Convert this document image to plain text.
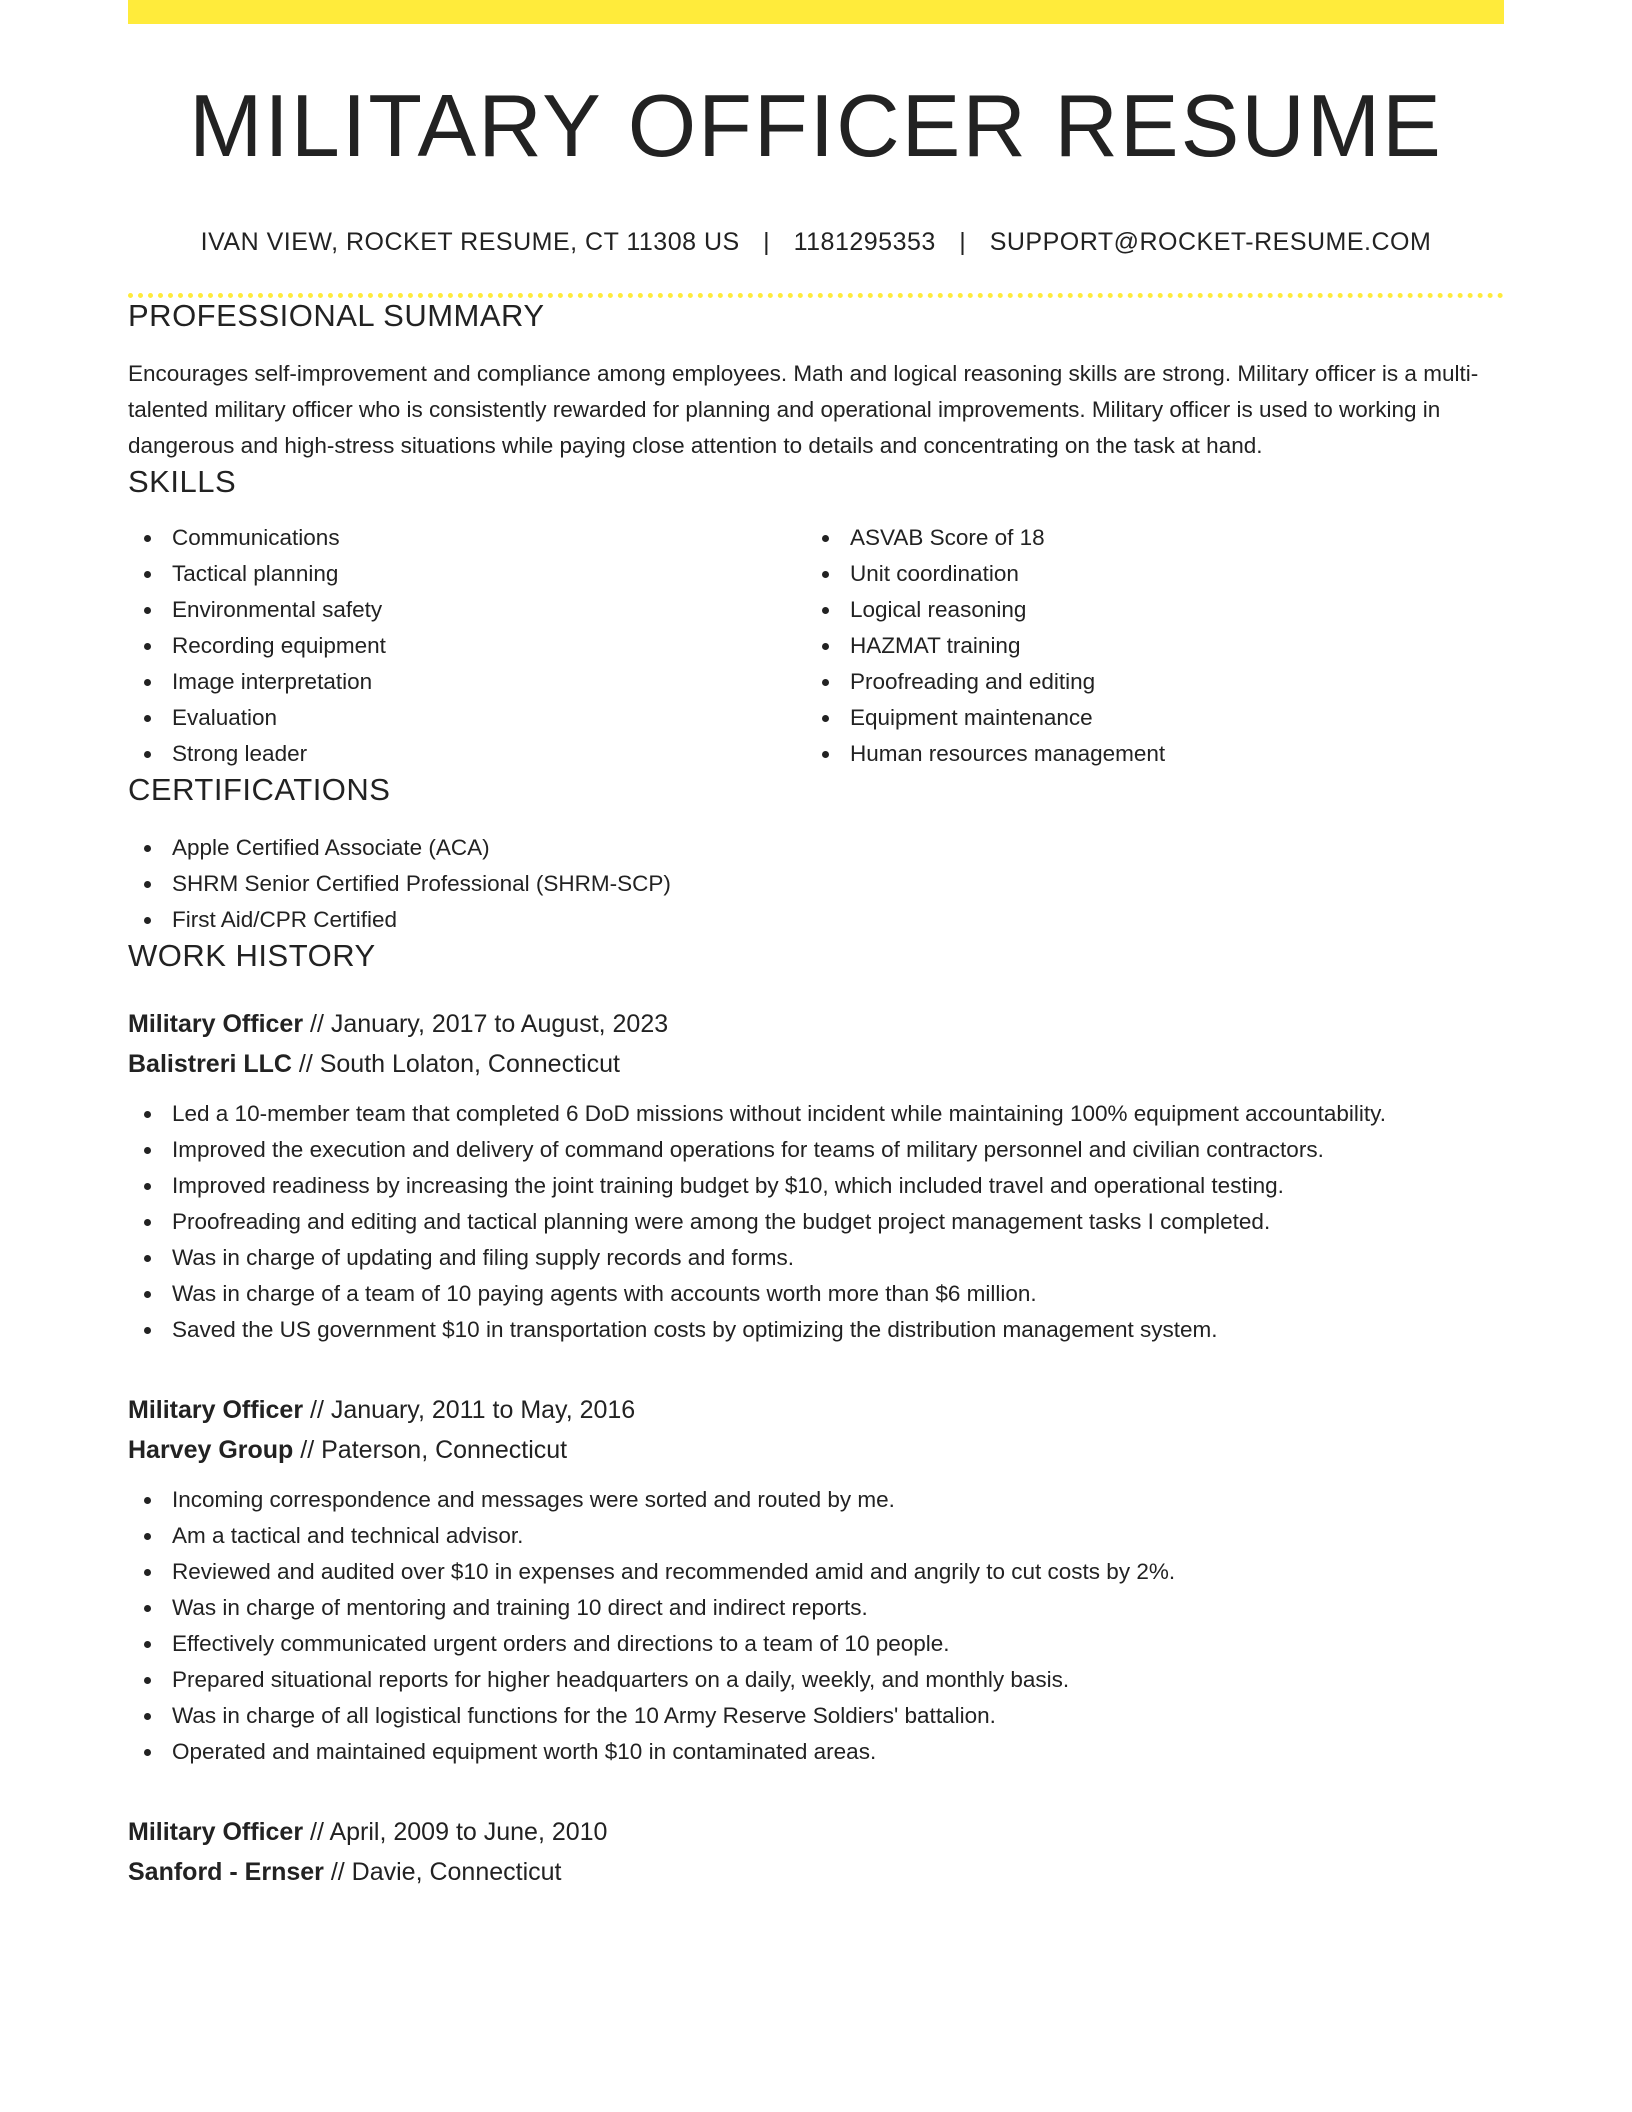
MILITARY OFFICER RESUME
IVAN VIEW, ROCKET RESUME, CT 11308 US | 1181295353 | SUPPORT@ROCKET-RESUME.COM
PROFESSIONAL SUMMARY

Encourages self-improvement and compliance among employees. Math and logical reasoning skills are strong. Military officer is a multi-talented military officer who is consistently rewarded for planning and operational improvements. Military officer is used to working in dangerous and high-stress situations while paying close attention to details and concentrating on the task at hand.

SKILLS
Communications
Tactical planning
Environmental safety
Recording equipment
Image interpretation
Evaluation
Strong leader
ASVAB Score of 18
Unit coordination
Logical reasoning
HAZMAT training
Proofreading and editing
Equipment maintenance
Human resources management
CERTIFICATIONS
Apple Certified Associate (ACA)
SHRM Senior Certified Professional (SHRM-SCP)
First Aid/CPR Certified
WORK HISTORY
Military Officer // January, 2017 to August, 2023
Balistreri LLC // South Lolaton, Connecticut
Led a 10-member team that completed 6 DoD missions without incident while maintaining 100% equipment accountability.
Improved the execution and delivery of command operations for teams of military personnel and civilian contractors.
Improved readiness by increasing the joint training budget by $10, which included travel and operational testing.
Proofreading and editing and tactical planning were among the budget project management tasks I completed.
Was in charge of updating and filing supply records and forms.
Was in charge of a team of 10 paying agents with accounts worth more than $6 million.
Saved the US government $10 in transportation costs by optimizing the distribution management system.
Military Officer // January, 2011 to May, 2016
Harvey Group // Paterson, Connecticut
Incoming correspondence and messages were sorted and routed by me.
Am a tactical and technical advisor.
Reviewed and audited over $10 in expenses and recommended amid and angrily to cut costs by 2%.
Was in charge of mentoring and training 10 direct and indirect reports.
Effectively communicated urgent orders and directions to a team of 10 people.
Prepared situational reports for higher headquarters on a daily, weekly, and monthly basis.
Was in charge of all logistical functions for the 10 Army Reserve Soldiers' battalion.
Operated and maintained equipment worth $10 in contaminated areas.
Military Officer // April, 2009 to June, 2010
Sanford - Ernser // Davie, Connecticut
